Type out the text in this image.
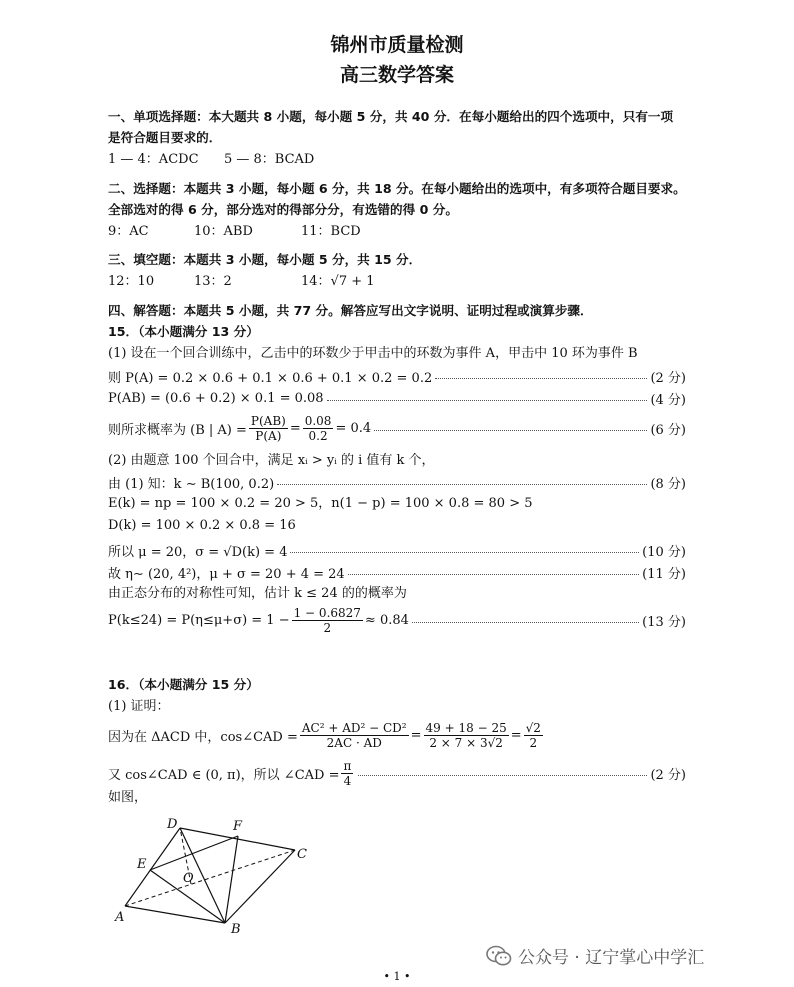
锦州市质量检测
高三数学答案
一、单项选择题：本大题共 8 小题，每小题 5 分，共 40 分．在每小题给出的四个选项中，只有一项
是符合题目要求的．
1 — 4：ACDC 5 — 8：BCAD
二、选择题：本题共 3 小题，每小题 6 分，共 18 分。在每小题给出的选项中，有多项符合题目要求。
全部选对的得 6 分，部分选对的得部分分，有选错的得 0 分。
9：AC	10：ABD	11：BCD
三、填空题：本题共 3 小题，每小题 5 分，共 15 分．
12：10	13：2	14：√7 + 1
四、解答题：本题共 5 小题，共 77 分。解答应写出文字说明、证明过程或演算步骤．
15．（本小题满分 13 分）
(1) 设在一个回合训练中，乙击中的环数少于甲击中的环数为事件 A，甲击中 10 环为事件 B
则 P(A) = 0.2 × 0.6 + 0.1 × 0.6 + 0.1 × 0.2 = 0.2	(2 分)
P(AB) = (0.6 + 0.2) × 0.1 = 0.08	(4 分)
则所求概率为 (B | $A) = \frac{P(AB)}{P(A)} = \frac{0.08}{0.2} = 0.4$	(6 分)
(2) 由题意 100 个回合中，满足 xᵢ > yᵢ 的 i 值有 k 个，
由 (1) 知：k ∼ B(100, 0.2)	(8 分)
E(k) = np = 100 × 0.2 = 20 > 5，n(1 − p) = 100 × 0.8 = 80 > 5
D(k) = 100 × 0.2 × 0.8 = 16
所以 μ = 20，σ = √D(k) = 4	(10 分)
故 η∼ (20, 4²)，μ + σ = 20 + 4 = 24	(11 分)
由正态分布的对称性可知，估计 k ≤ 24 的的概率为
$P(k\le 24) = P(\eta\le\mu+\sigma) = 1 - \frac{1 - 0.6827}{2} \approx 0.84$	(13 分)
16．（本小题满分 15 分）
(1) 证明：
因为在 ΔACD 中，cos∠CAD = $\frac{\text{AC² + AD² − CD²}}{2AC \cdot AD} = \frac{49 + 18 - 25}{2 \times 7 \times 3√2} = \frac{√2}{2}$
又 cos∠CAD ∈ (0, π)，所以 ∠CAD = $\frac{\pi}{4}$	(2 分)
如图，
D	F
C
E
O
A
B
公众号 · 辽宁掌心中学汇
• 1 •
